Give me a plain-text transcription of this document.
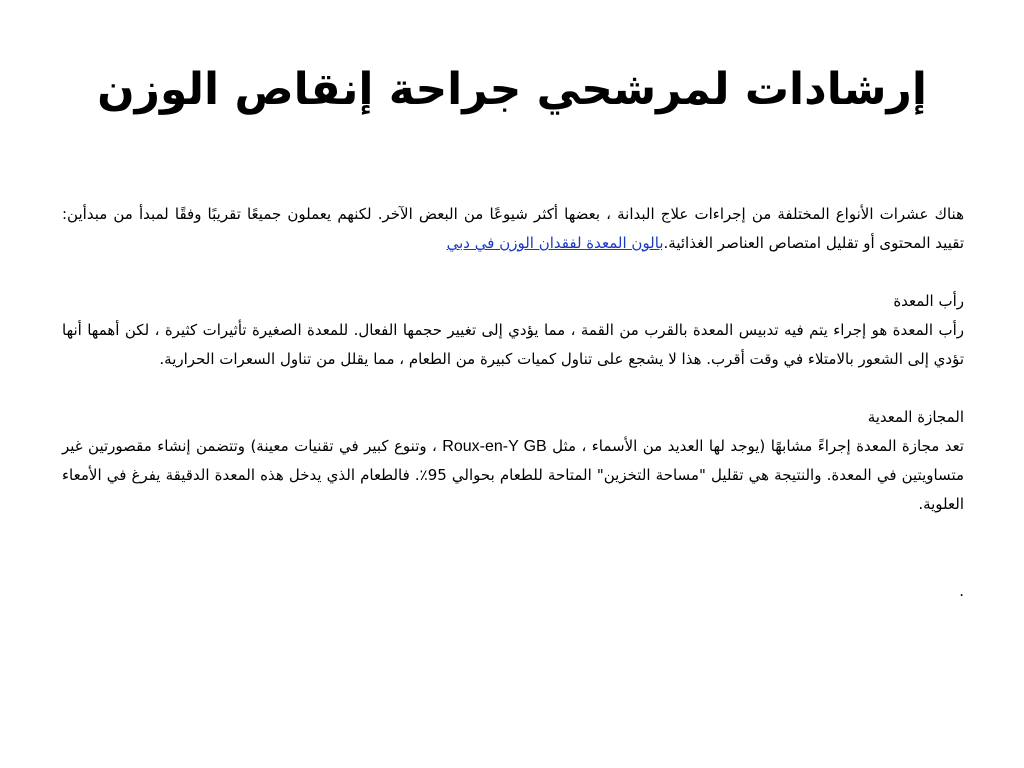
إرشادات لمرشحي جراحة إنقاص الوزن

هناك عشرات الأنواع المختلفة من إجراءات علاج البدانة ، بعضها أكثر شيوعًا من البعض الآخر. لكنهم يعملون جميعًا تقريبًا وفقًا لمبدأ من مبدأين: تقييد المحتوى أو تقليل امتصاص العناصر الغذائية.بالون المعدة لفقدان الوزن في دبي

رأب المعدة

رأب المعدة هو إجراء يتم فيه تدبيس المعدة بالقرب من القمة ، مما يؤدي إلى تغيير حجمها الفعال. للمعدة الصغيرة تأثيرات كثيرة ، لكن أهمها أنها تؤدي إلى الشعور بالامتلاء في وقت أقرب. هذا لا يشجع على تناول كميات كبيرة من الطعام ، مما يقلل من تناول السعرات الحرارية.

المجازة المعدية

تعد مجازة المعدة إجراءً مشابهًا (يوجد لها العديد من الأسماء ، مثل Roux-en-Y GB ، وتنوع كبير في تقنيات معينة) وتتضمن إنشاء مقصورتين غير متساويتين في المعدة. والنتيجة هي تقليل "مساحة التخزين" المتاحة للطعام بحوالي 95٪. فالطعام الذي يدخل هذه المعدة الدقيقة يفرغ في الأمعاء العلوية.

.
